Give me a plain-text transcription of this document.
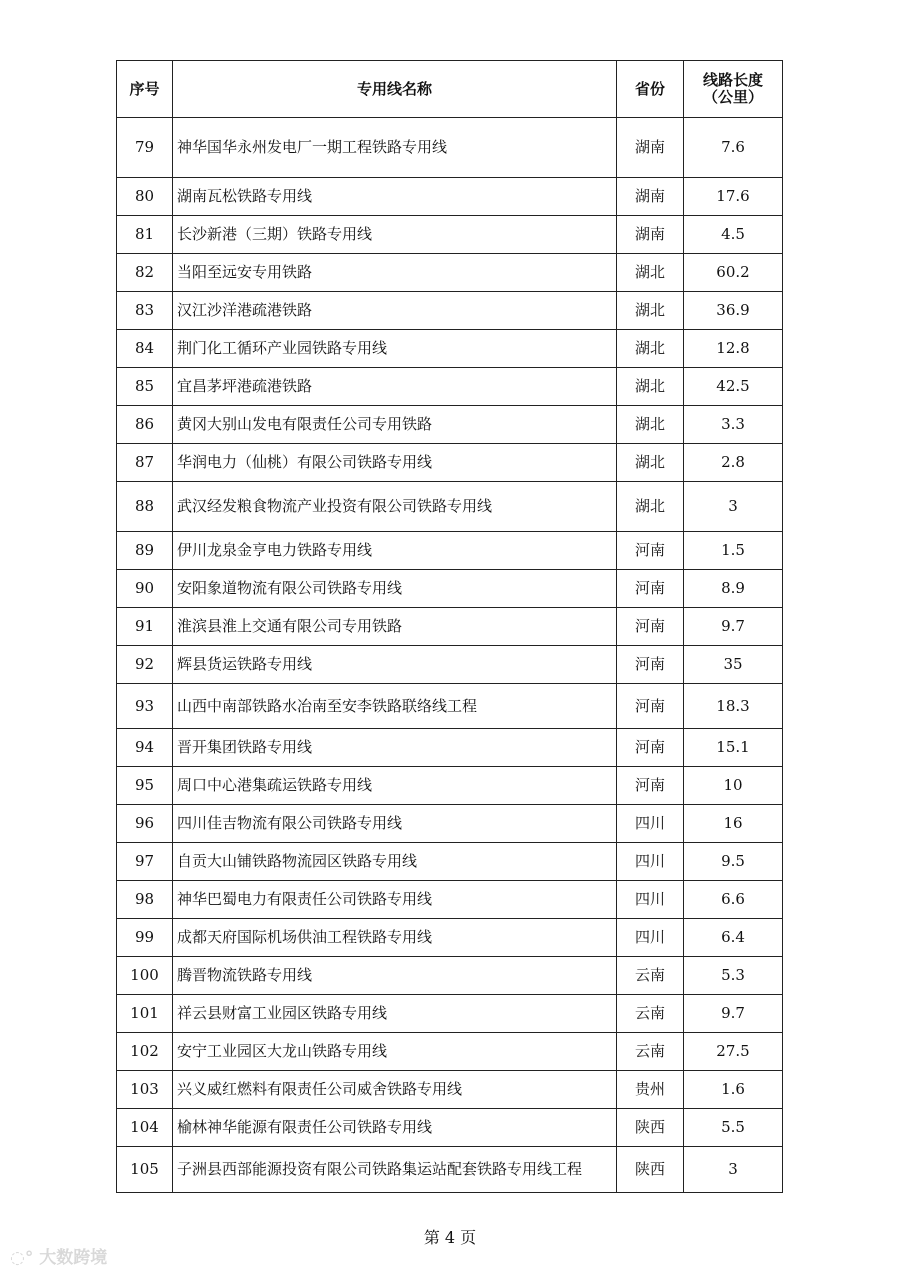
序号	专用线名称	省份	线路长度
（公里）

79	神华国华永州发电厂一期工程铁路专用线	湖南	7.6
80	湖南瓦松铁路专用线	湖南	17.6
81	长沙新港（三期）铁路专用线	湖南	4.5
82	当阳至远安专用铁路	湖北	60.2
83	汉江沙洋港疏港铁路	湖北	36.9
84	荆门化工循环产业园铁路专用线	湖北	12.8
85	宜昌茅坪港疏港铁路	湖北	42.5
86	黄冈大别山发电有限责任公司专用铁路	湖北	3.3
87	华润电力（仙桃）有限公司铁路专用线	湖北	2.8
88	武汉经发粮食物流产业投资有限公司铁路专用线	湖北	3
89	伊川龙泉金亨电力铁路专用线	河南	1.5
90	安阳象道物流有限公司铁路专用线	河南	8.9
91	淮滨县淮上交通有限公司专用铁路	河南	9.7
92	辉县货运铁路专用线	河南	35
93	山西中南部铁路水冶南至安李铁路联络线工程	河南	18.3
94	晋开集团铁路专用线	河南	15.1
95	周口中心港集疏运铁路专用线	河南	10
96	四川佳吉物流有限公司铁路专用线	四川	16
97	自贡大山铺铁路物流园区铁路专用线	四川	9.5
98	神华巴蜀电力有限责任公司铁路专用线	四川	6.6
99	成都天府国际机场供油工程铁路专用线	四川	6.4
100	腾晋物流铁路专用线	云南	5.3
101	祥云县财富工业园区铁路专用线	云南	9.7
102	安宁工业园区大龙山铁路专用线	云南	27.5
103	兴义威红燃料有限责任公司威舍铁路专用线	贵州	1.6
104	榆林神华能源有限责任公司铁路专用线	陕西	5.5
105	子洲县西部能源投资有限公司铁路集运站配套铁路专用线工程	陕西	3
第 4 页
◌° 大数跨境
